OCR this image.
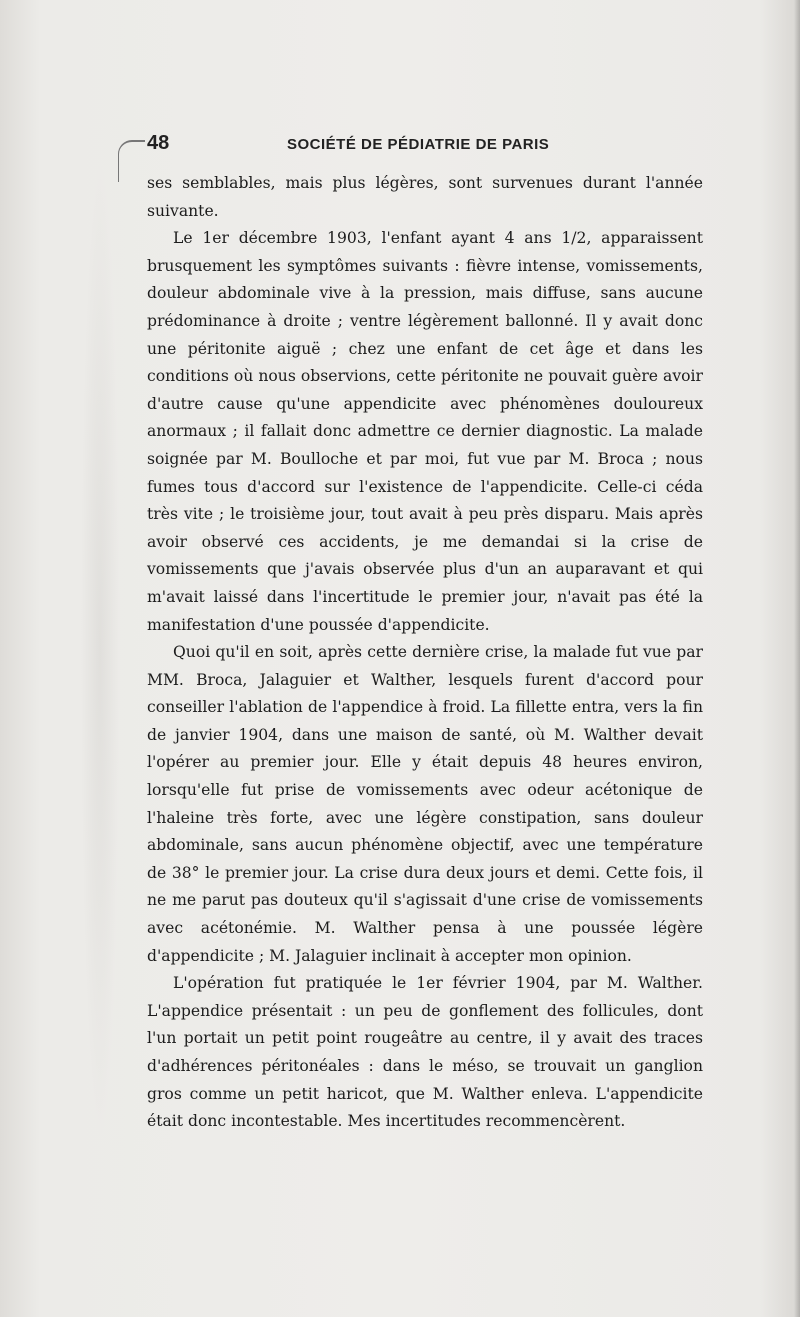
48	SOCIÉTÉ DE PÉDIATRIE DE PARIS

ses semblables, mais plus légères, sont survenues durant l'année suivante.

Le 1er décembre 1903, l'enfant ayant 4 ans 1/2, apparaissent brusquement les symptômes suivants : fièvre intense, vomissements, douleur abdominale vive à la pression, mais diffuse, sans aucune prédominance à droite ; ventre légèrement ballonné. Il y avait donc une péritonite aiguë ; chez une enfant de cet âge et dans les conditions où nous observions, cette péritonite ne pouvait guère avoir d'autre cause qu'une appendicite avec phénomènes douloureux anormaux ; il fallait donc admettre ce dernier diagnostic. La malade soignée par M. Boulloche et par moi, fut vue par M. Broca ; nous fumes tous d'accord sur l'existence de l'appendicite. Celle-ci céda très vite ; le troisième jour, tout avait à peu près disparu. Mais après avoir observé ces accidents, je me demandai si la crise de vomissements que j'avais observée plus d'un an auparavant et qui m'avait laissé dans l'incertitude le premier jour, n'avait pas été la manifestation d'une poussée d'appendicite.

Quoi qu'il en soit, après cette dernière crise, la malade fut vue par MM. Broca, Jalaguier et Walther, lesquels furent d'accord pour conseiller l'ablation de l'appendice à froid. La fillette entra, vers la fin de janvier 1904, dans une maison de santé, où M. Walther devait l'opérer au premier jour. Elle y était depuis 48 heures environ, lorsqu'elle fut prise de vomissements avec odeur acétonique de l'haleine très forte, avec une légère constipation, sans douleur abdominale, sans aucun phénomène objectif, avec une température de 38° le premier jour. La crise dura deux jours et demi. Cette fois, il ne me parut pas douteux qu'il s'agissait d'une crise de vomissements avec acétonémie. M. Walther pensa à une poussée légère d'appendicite ; M. Jalaguier inclinait à accepter mon opinion.

L'opération fut pratiquée le 1er février 1904, par M. Walther. L'appendice présentait : un peu de gonflement des follicules, dont l'un portait un petit point rougeâtre au centre, il y avait des traces d'adhérences péritonéales : dans le méso, se trouvait un ganglion gros comme un petit haricot, que M. Walther enleva. L'appendicite était donc incontestable. Mes incertitudes recommencèrent.
